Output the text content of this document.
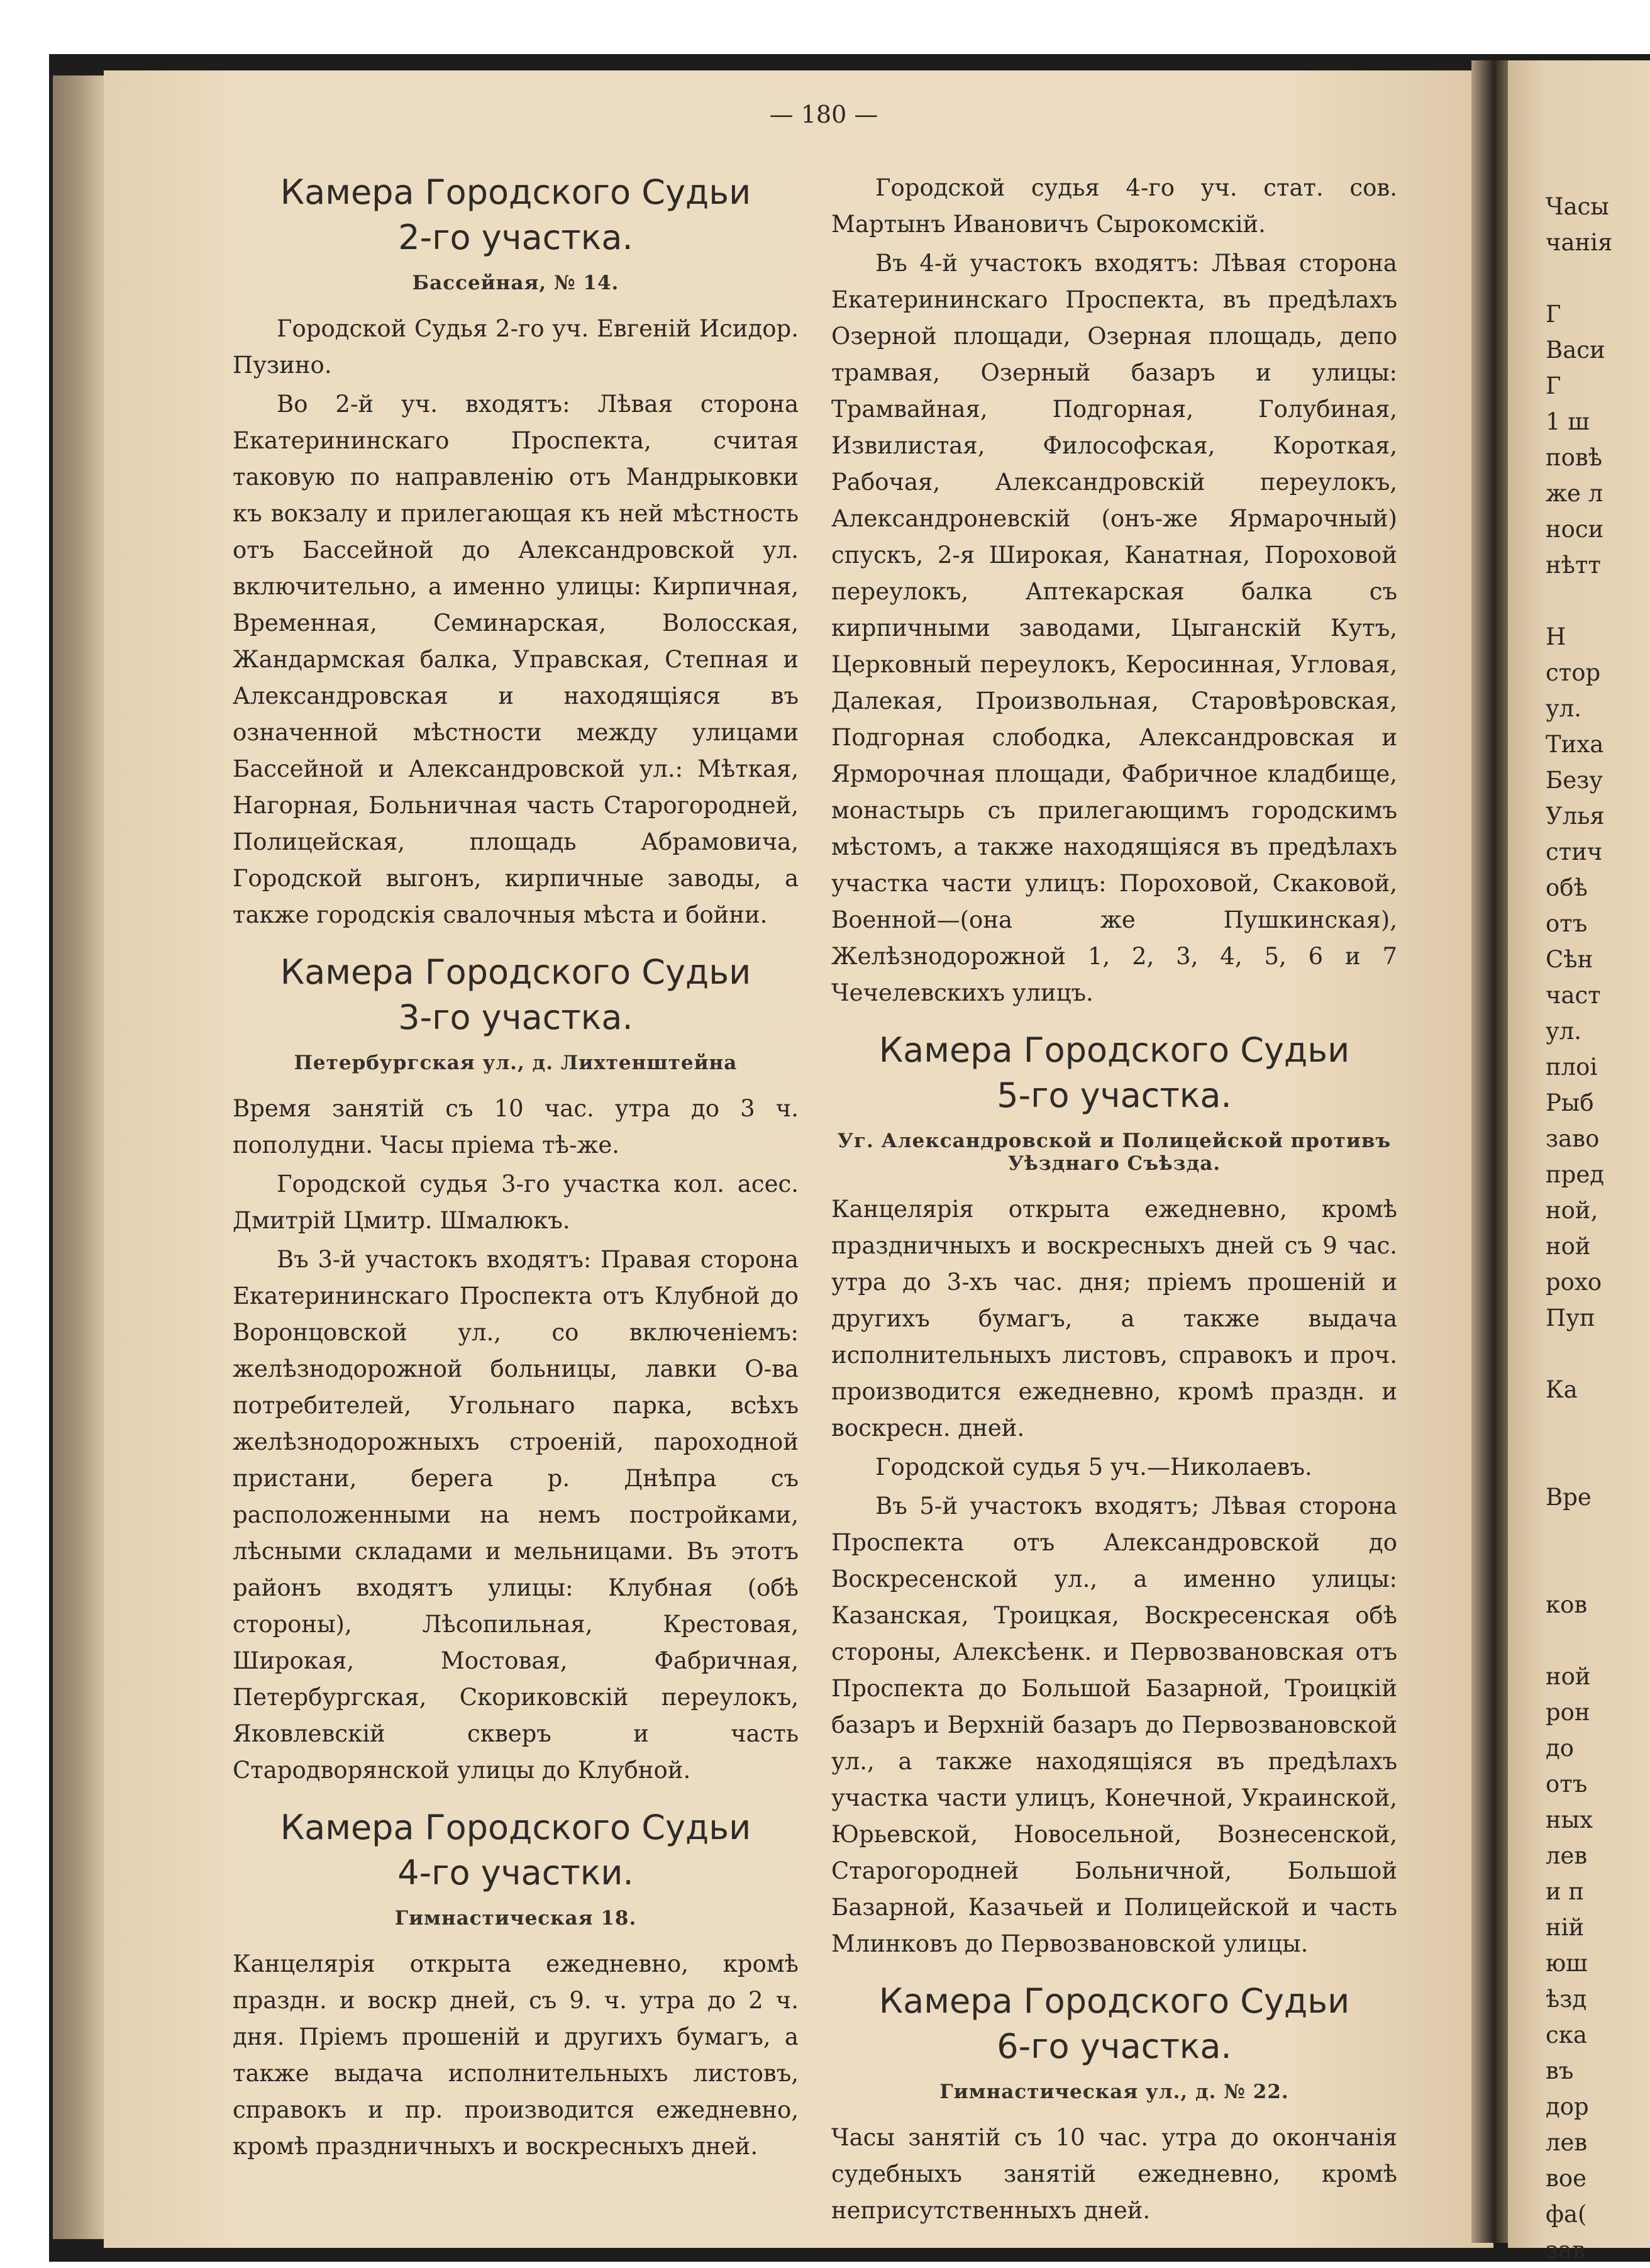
Часы
чанія
Г
Васи
Г
1 ш
повѣ
же л
носи
нѣтт
Н
стор
ул.
Тиха
Безу
Улья
стич
обѣ
отъ
Сѣн
част
ул.
плоі
Рыб
заво
пред
ной,
ной
рохо
Пуп
Ка
Вре
ков
ной
рон
до
отъ
ных
лев
и п
ній
юш
ѣзд
ска
въ
дор
лев
вое
фа(
зав
— 180 —
Камера Городского Судьи
2-го участка.

Бассейная, № 14.

Городской Судья 2-го уч. Евгеній Исидор. Пузино.

Во 2-й уч. входятъ: Лѣвая сторона Екатерининскаго Проспекта, считая таковую по направленію отъ Мандрыковки къ вокзалу и прилегающая къ ней мѣстность отъ Бассейной до Александровской ул. включительно, а именно улицы: Кирпичная, Временная, Семинарская, Волосская, Жандармская балка, Управская, Степная и Александровская и находящіяся въ означенной мѣстности между улицами Бассейной и Александровской ул.: Мѣткая, Нагорная, Больничная часть Старогородней, Полицейская, площадь Абрамовича, Городской выгонъ, кирпичные заводы, а также городскія свалочныя мѣста и бойни.

Камера Городского Судьи
3-го участка.

Петербургская ул., д. Лихтенштейна

Время занятій съ 10 час. утра до 3 ч. пополудни. Часы пріема тѣ-же.

Городской судья 3-го участка кол. асес. Дмитрій Цмитр. Шмалюкъ.

Въ 3-й участокъ входятъ: Правая сторона Екатерининскаго Проспекта отъ Клубной до Воронцовской ул., со включеніемъ: желѣзнодорожной больницы, лавки О-ва потребителей, Угольнаго парка, всѣхъ желѣзнодорожныхъ строеній, пароходной пристани, берега р. Днѣпра съ расположенными на немъ постройками, лѣсными складами и мельницами. Въ этотъ районъ входятъ улицы: Клубная (обѣ стороны), Лѣсопильная, Крестовая, Широкая, Мостовая, Фабричная, Петербургская, Скориковскій переулокъ, Яковлевскій скверъ и часть Стародворянской улицы до Клубной.

Камера Городского Судьи
4-го участки.

Гимнастическая 18.

Канцелярія открыта ежедневно, кромѣ праздн. и воскр дней, съ 9. ч. утра до 2 ч. дня. Пріемъ прошеній и другихъ бумагъ, а также выдача исполнительныхъ листовъ, справокъ и пр. производится ежедневно, кромѣ праздничныхъ и воскресныхъ дней.

Городской судья 4-го уч. стат. сов. Мартынъ Ивановичъ Сырокомскій.

Въ 4-й участокъ входятъ: Лѣвая сторона Екатерининскаго Проспекта, въ предѣлахъ Озерной площади, Озерная площадь, депо трамвая, Озерный базаръ и улицы: Трамвайная, Подгорная, Голубиная, Извилистая, Философская, Короткая, Рабочая, Александровскій переулокъ, Александроневскій (онъ-же Ярмарочный) спускъ, 2-я Широкая, Канатная, Пороховой переулокъ, Аптекарская балка съ кирпичными заводами, Цыганскій Кутъ, Церковный переулокъ, Керосинная, Угловая, Далекая, Произвольная, Старовѣровская, Подгорная слободка, Александровская и Ярморочная площади, Фабричное кладбище, монастырь съ прилегающимъ городскимъ мѣстомъ, а также находящіяся въ предѣлахъ участка части улицъ: Пороховой, Скаковой, Военной—(она же Пушкинская), Желѣзнодорожной 1, 2, 3, 4, 5, 6 и 7 Чечелевскихъ улицъ.

Камера Городского Судьи
5-го участка.

Уг. Александровской и Полицейской противъ Уѣзднаго Съѣзда.

Канцелярія открыта ежедневно, кромѣ праздничныхъ и воскресныхъ дней съ 9 час. утра до 3-хъ час. дня; пріемъ прошеній и другихъ бумагъ, а также выдача исполнительныхъ листовъ, справокъ и проч. производится ежедневно, кромѣ праздн. и воскресн. дней.

Городской судья 5 уч.—Николаевъ.

Въ 5-й участокъ входятъ; Лѣвая сторона Проспекта отъ Александровской до Воскресенской ул., а именно улицы: Казанская, Троицкая, Воскресенская обѣ стороны, Алексѣенк. и Первозвановская отъ Проспекта до Большой Базарной, Троицкій базаръ и Верхній базаръ до Первозвановской ул., а также находящіяся въ предѣлахъ участка части улицъ, Конечной, Украинской, Юрьевской, Новосельной, Вознесенской, Старогородней Больничной, Большой Базарной, Казачьей и Полицейской и часть Млинковъ до Первозвановской улицы.

Камера Городского Судьи
6-го участка.

Гимнастическая ул., д. № 22.

Часы занятій съ 10 час. утра до окончанія судебныхъ занятій ежедневно, кромѣ неприсутственныхъ дней.
